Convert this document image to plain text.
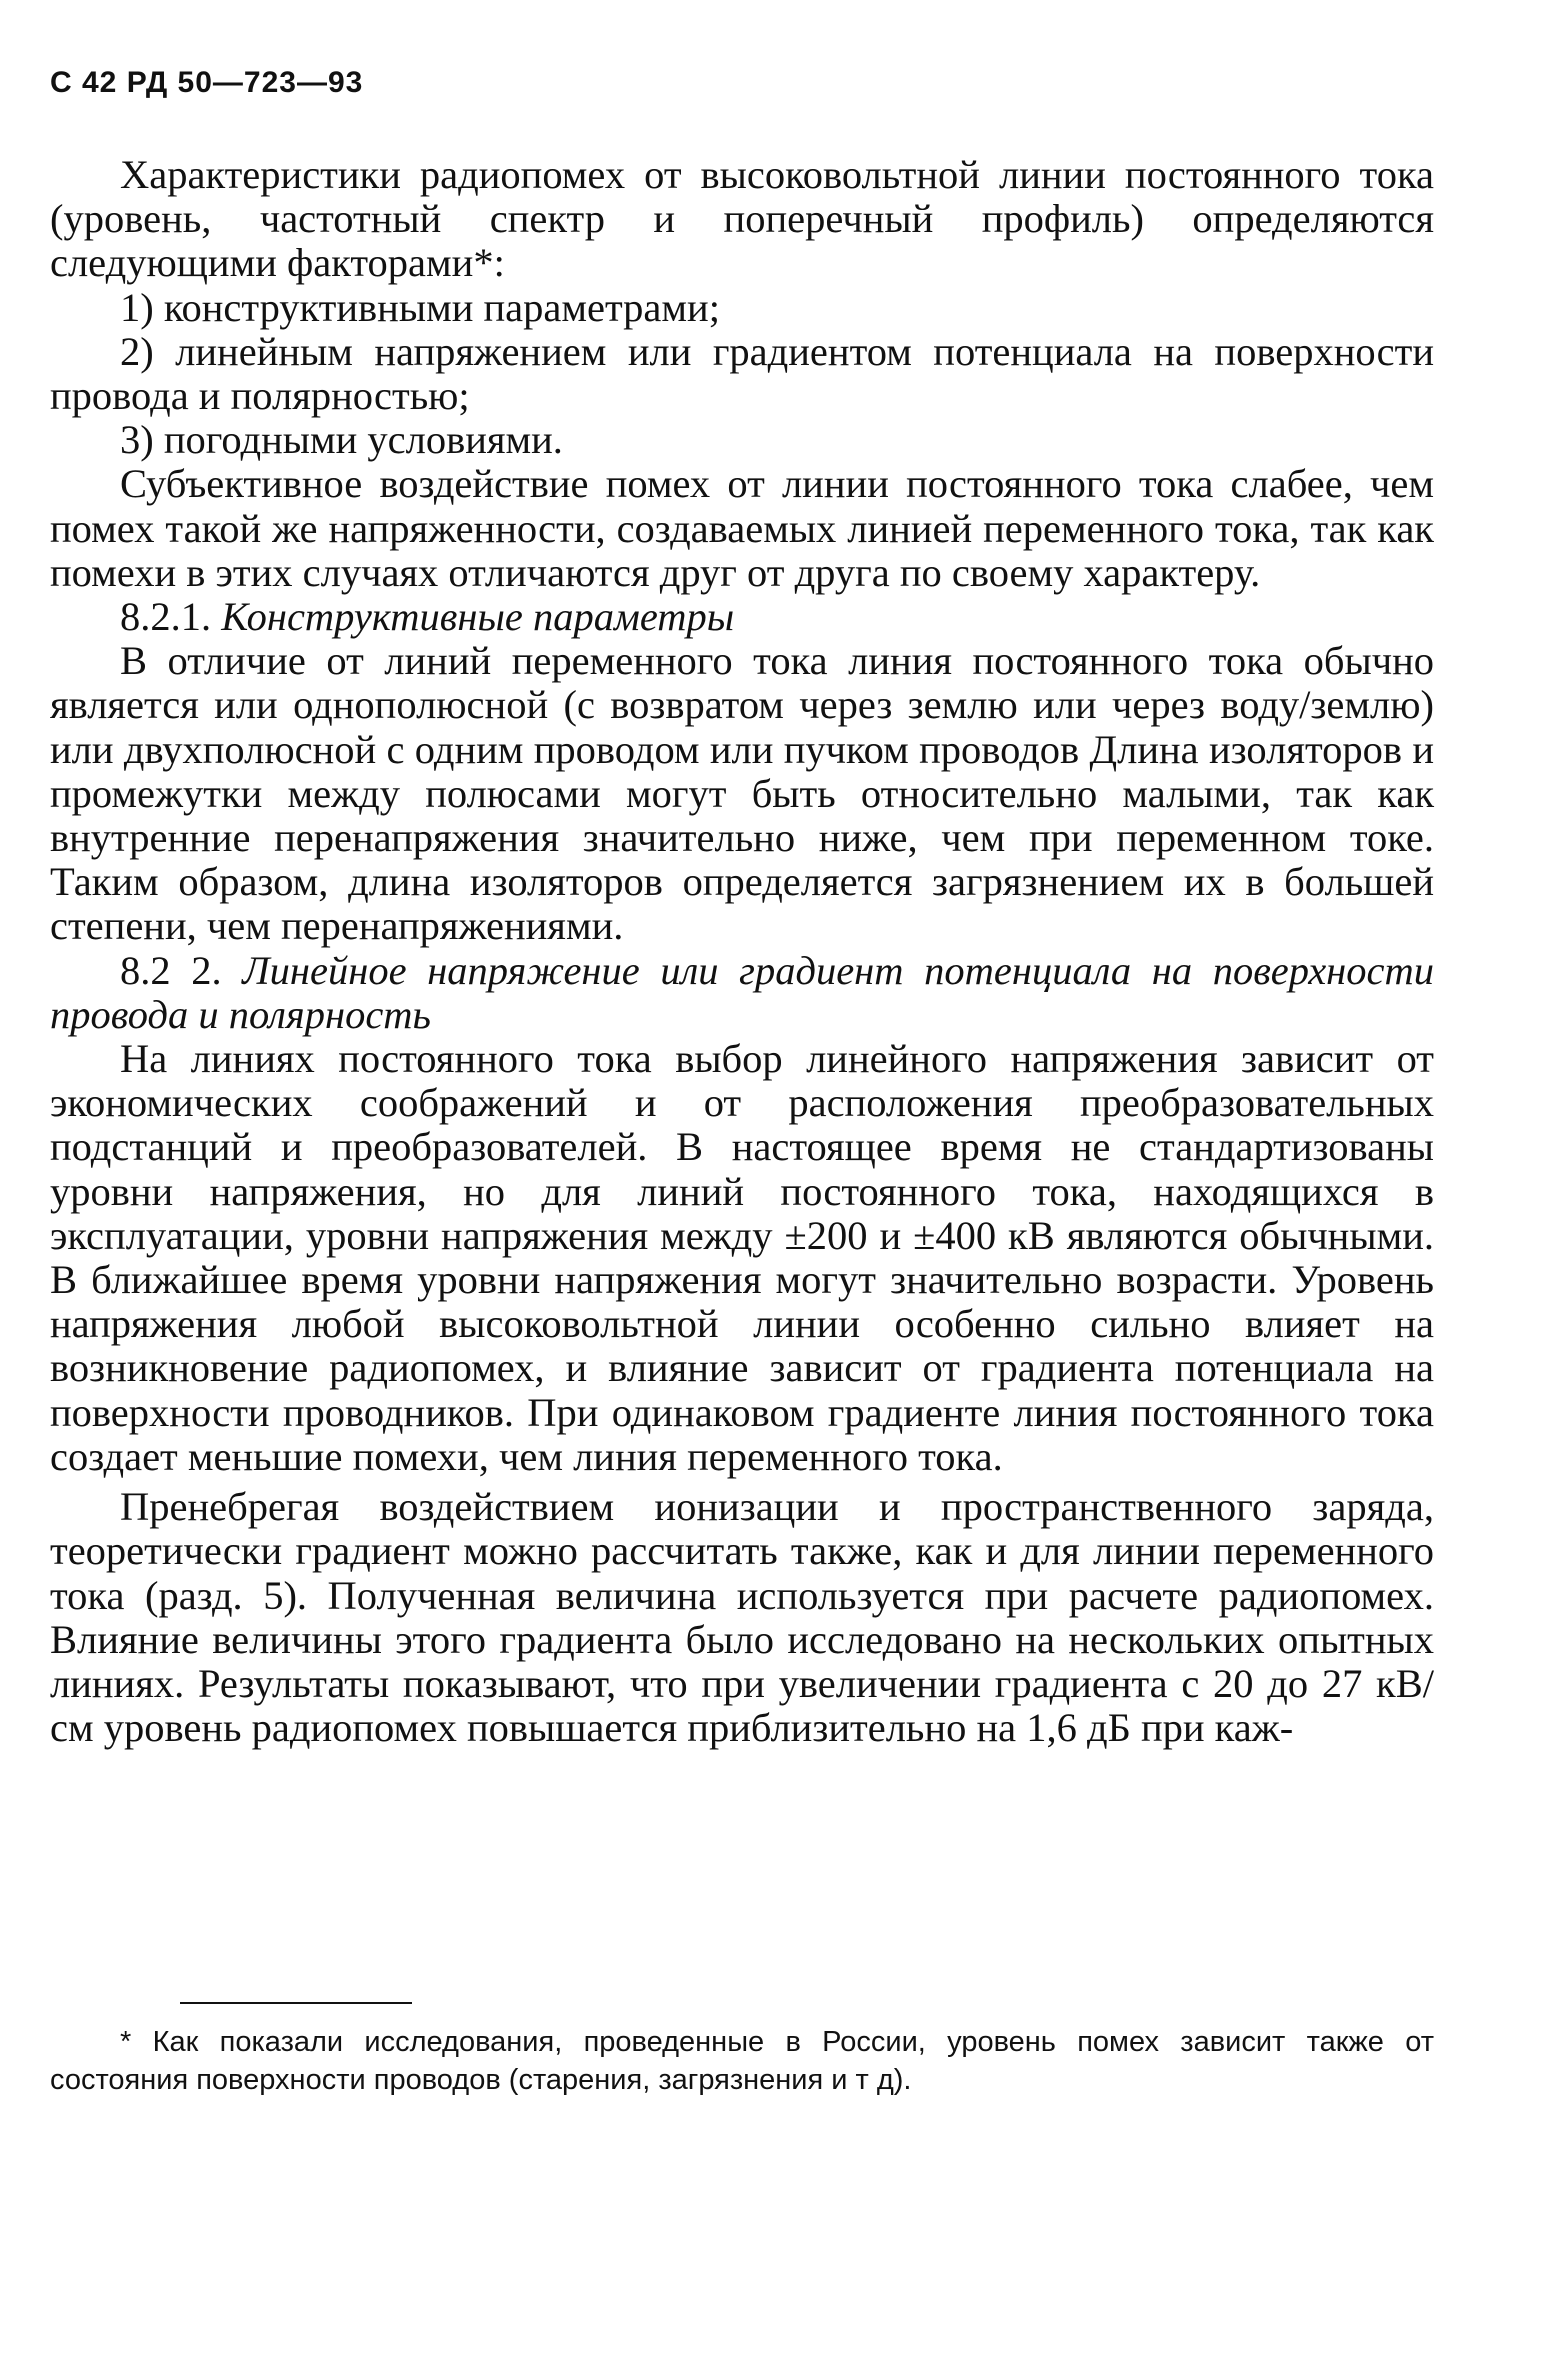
С 42 РД 50—723—93

Характеристики радиопомех от высоковольтной линии постоянного тока (уровень, частотный спектр и поперечный профиль) определяются следующими факторами*:

1) конструктивными параметрами;

2) линейным напряжением или градиентом потенциала на поверхности провода и полярностью;

3) погодными условиями.

Субъективное воздействие помех от линии постоянного тока слабее, чем помех такой же напряженности, создаваемых линией переменного тока, так как помехи в этих случаях отличаются друг от друга по своему характеру.

8.2.1. Конструктивные параметры

В отличие от линий переменного тока линия постоянного тока обычно является или однополюсной (с возвратом через землю или через воду/землю) или двухполюсной с одним проводом или пучком проводов Длина изоляторов и промежутки между полюсами могут быть относительно малыми, так как внутренние перенапряжения значительно ниже, чем при переменном токе. Таким образом, длина изоляторов определяется загрязнением их в большей степени, чем перенапряжениями.

8.2 2. Линейное напряжение или градиент потенциала на поверхности провода и полярность

На линиях постоянного тока выбор линейного напряжения зависит от экономических соображений и от расположения преобразовательных подстанций и преобразователей. В настоящее время не стандартизованы уровни напряжения, но для линий постоянного тока, находящихся в эксплуатации, уровни напряжения между ±200 и ±400 кВ являются обычными. В ближайшее время уровни напряжения могут значительно возрасти. Уровень напряжения любой высоковольтной линии особенно сильно влияет на возникновение радиопомех, и влияние зависит от градиента потенциала на поверхности проводников. При одинаковом градиенте линия постоянного тока создает меньшие помехи, чем линия переменного тока.

Пренебрегая воздействием ионизации и пространственного заряда, теоретически градиент можно рассчитать также, как и для линии переменного тока (разд. 5). Полученная величина используется при расчете радиопомех. Влияние величины этого градиента было исследовано на нескольких опытных линиях. Результаты показывают, что при увеличении градиента с 20 до 27 кВ/см уровень радиопомех повышается приблизительно на 1,6 дБ при каж-

* Как показали исследования, проведенные в России, уровень помех зависит также от состояния поверхности проводов (старения, загрязнения и т д).
